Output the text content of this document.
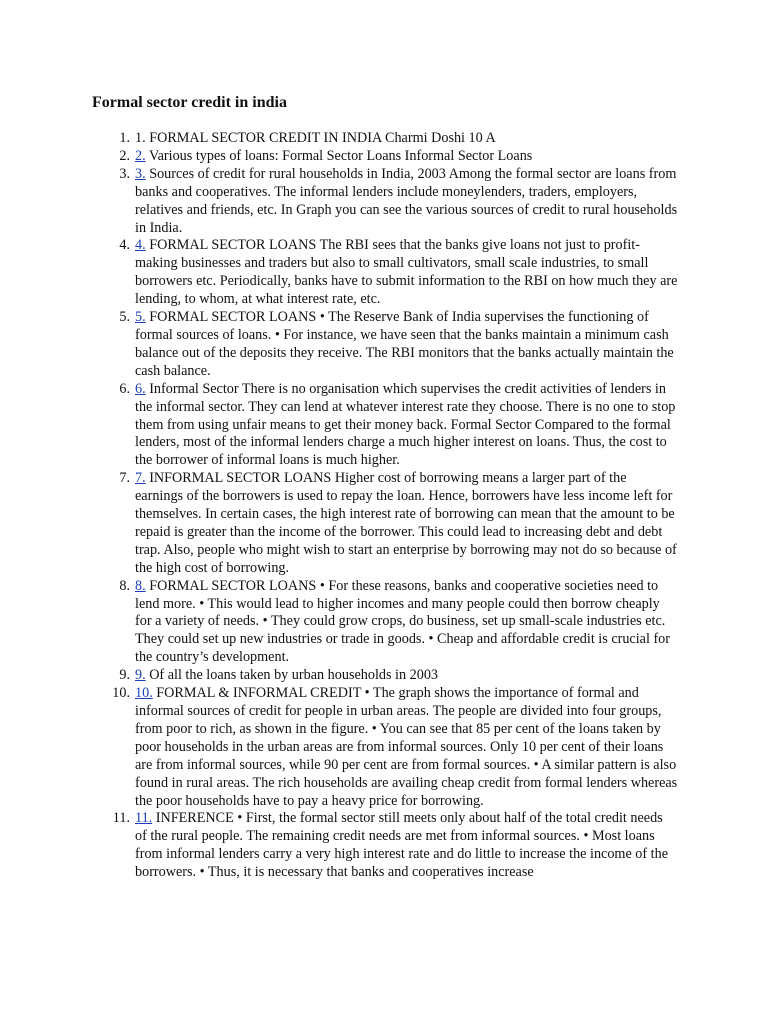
Formal sector credit in india
1. 1. FORMAL SECTOR CREDIT IN INDIA Charmi Doshi 10 A
2. 2. Various types of loans: Formal Sector Loans Informal Sector Loans
3. 3. Sources of credit for rural households in India, 2003 Among the formal sector are loans from banks and cooperatives. The informal lenders include moneylenders, traders, employers, relatives and friends, etc. In Graph you can see the various sources of credit to rural households in India.
4. 4. FORMAL SECTOR LOANS The RBI sees that the banks give loans not just to profit-making businesses and traders but also to small cultivators, small scale industries, to small borrowers etc. Periodically, banks have to submit information to the RBI on how much they are lending, to whom, at what interest rate, etc.
5. 5. FORMAL SECTOR LOANS • The Reserve Bank of India supervises the functioning of formal sources of loans. • For instance, we have seen that the banks maintain a minimum cash balance out of the deposits they receive. The RBI monitors that the banks actually maintain the cash balance.
6. 6. Informal Sector There is no organisation which supervises the credit activities of lenders in the informal sector. They can lend at whatever interest rate they choose. There is no one to stop them from using unfair means to get their money back. Formal Sector Compared to the formal lenders, most of the informal lenders charge a much higher interest on loans. Thus, the cost to the borrower of informal loans is much higher.
7. 7. INFORMAL SECTOR LOANS Higher cost of borrowing means a larger part of the earnings of the borrowers is used to repay the loan. Hence, borrowers have less income left for themselves. In certain cases, the high interest rate of borrowing can mean that the amount to be repaid is greater than the income of the borrower. This could lead to increasing debt and debt trap. Also, people who might wish to start an enterprise by borrowing may not do so because of the high cost of borrowing.
8. 8. FORMAL SECTOR LOANS • For these reasons, banks and cooperative societies need to lend more. • This would lead to higher incomes and many people could then borrow cheaply for a variety of needs. • They could grow crops, do business, set up small-scale industries etc. They could set up new industries or trade in goods. • Cheap and affordable credit is crucial for the country’s development.
9. 9. Of all the loans taken by urban households in 2003
10. 10. FORMAL & INFORMAL CREDIT • The graph shows the importance of formal and informal sources of credit for people in urban areas. The people are divided into four groups, from poor to rich, as shown in the figure. • You can see that 85 per cent of the loans taken by poor households in the urban areas are from informal sources. Only 10 per cent of their loans are from informal sources, while 90 per cent are from formal sources. • A similar pattern is also found in rural areas. The rich households are availing cheap credit from formal lenders whereas the poor households have to pay a heavy price for borrowing.
11. 11. INFERENCE • First, the formal sector still meets only about half of the total credit needs of the rural people. The remaining credit needs are met from informal sources. • Most loans from informal lenders carry a very high interest rate and do little to increase the income of the borrowers. • Thus, it is necessary that banks and cooperatives increase
